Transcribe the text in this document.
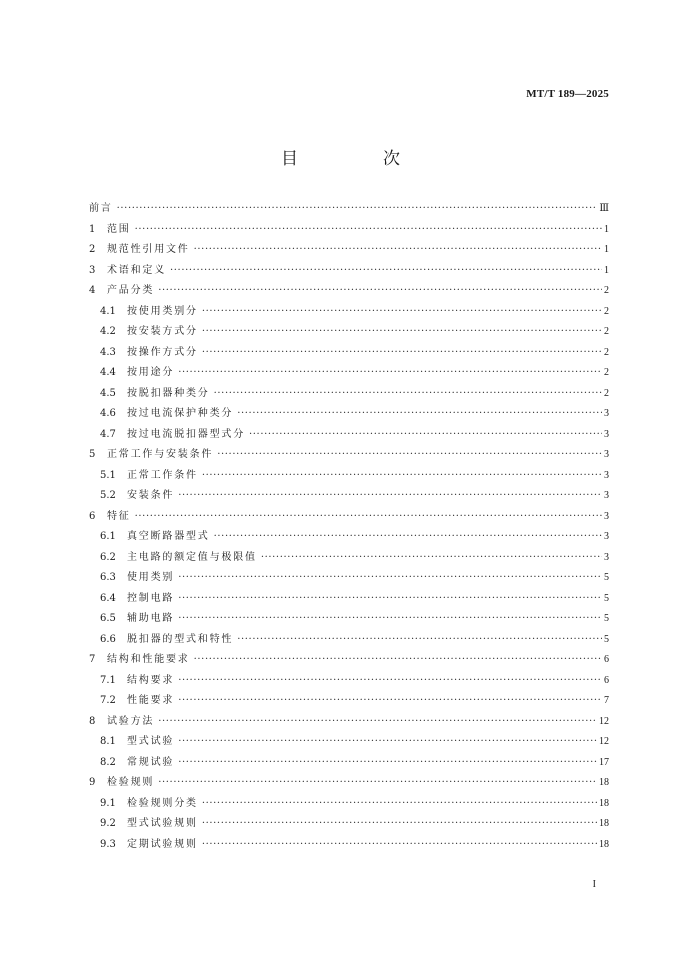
MT/T 189—2025
目　次
前言 ·····	Ⅲ
1	范围 ·····	1
2	规范性引用文件 ·····	1
3	术语和定义 ·····	1
4	产品分类 ·····	2
4.1	按使用类别分 ·····	2
4.2	按安装方式分 ·····	2
4.3	按操作方式分 ·····	2
4.4	按用途分 ·····	2
4.5	按脱扣器种类分 ·····	2
4.6	按过电流保护种类分 ·····	3
4.7	按过电流脱扣器型式分 ·····	3
5	正常工作与安装条件 ·····	3
5.1	正常工作条件 ·····	3
5.2	安装条件 ·····	3
6	特征 ·····	3
6.1	真空断路器型式 ·····	3
6.2	主电路的额定值与极限值 ·····	3
6.3	使用类别 ·····	5
6.4	控制电路 ·····	5
6.5	辅助电路 ·····	5
6.6	脱扣器的型式和特性 ·····	5
7	结构和性能要求 ·····	6
7.1	结构要求 ·····	6
7.2	性能要求 ·····	7
8	试验方法 ·····	12
8.1	型式试验 ·····	12
8.2	常规试验 ·····	17
9	检验规则 ·····	18
9.1	检验规则分类 ·····	18
9.2	型式试验规则 ·····	18
9.3	定期试验规则 ·····	18
I
